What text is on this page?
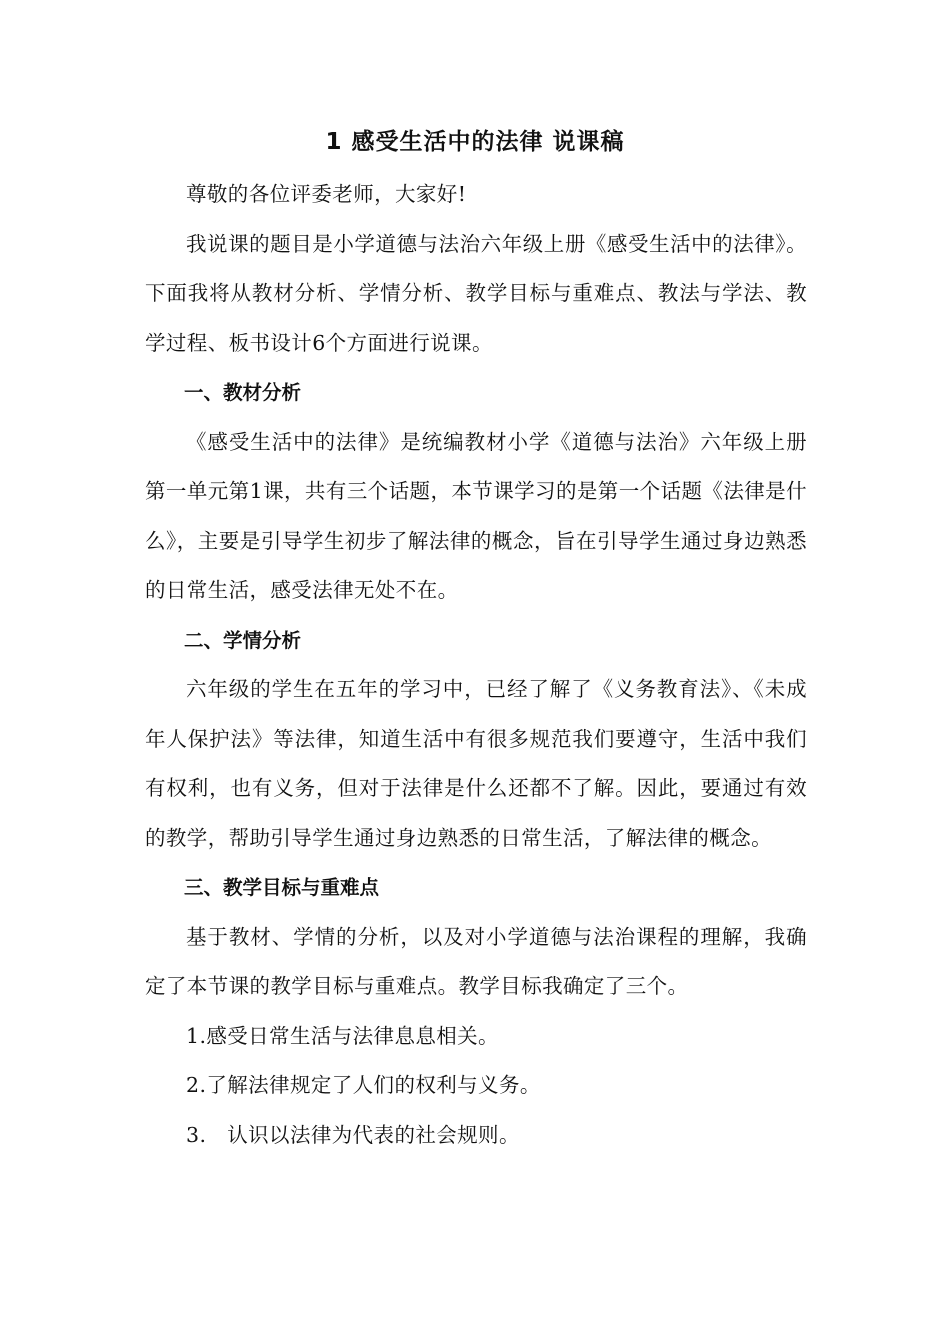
1 感受生活中的法律 说课稿

尊敬的各位评委老师，大家好!

我说课的题目是小学道德与法治六年级上册《感受生活中的法律》。下面我将从教材分析、学情分析、教学目标与重难点、教法与学法、教学过程、板书设计6个方面进行说课。

一、教材分析

《感受生活中的法律》是统编教材小学《道德与法治》六年级上册第一单元第1课，共有三个话题，本节课学习的是第一个话题《法律是什么》，主要是引导学生初步了解法律的概念，旨在引导学生通过身边熟悉的日常生活，感受法律无处不在。

二、学情分析

六年级的学生在五年的学习中，已经了解了《义务教育法》、《未成年人保护法》等法律，知道生活中有很多规范我们要遵守，生活中我们有权利，也有义务，但对于法律是什么还都不了解。因此，要通过有效的教学，帮助引导学生通过身边熟悉的日常生活，了解法律的概念。

三、教学目标与重难点

基于教材、学情的分析，以及对小学道德与法治课程的理解，我确定了本节课的教学目标与重难点。教学目标我确定了三个。

1.感受日常生活与法律息息相关。

2.了解法律规定了人们的权利与义务。

3.　认识以法律为代表的社会规则。
